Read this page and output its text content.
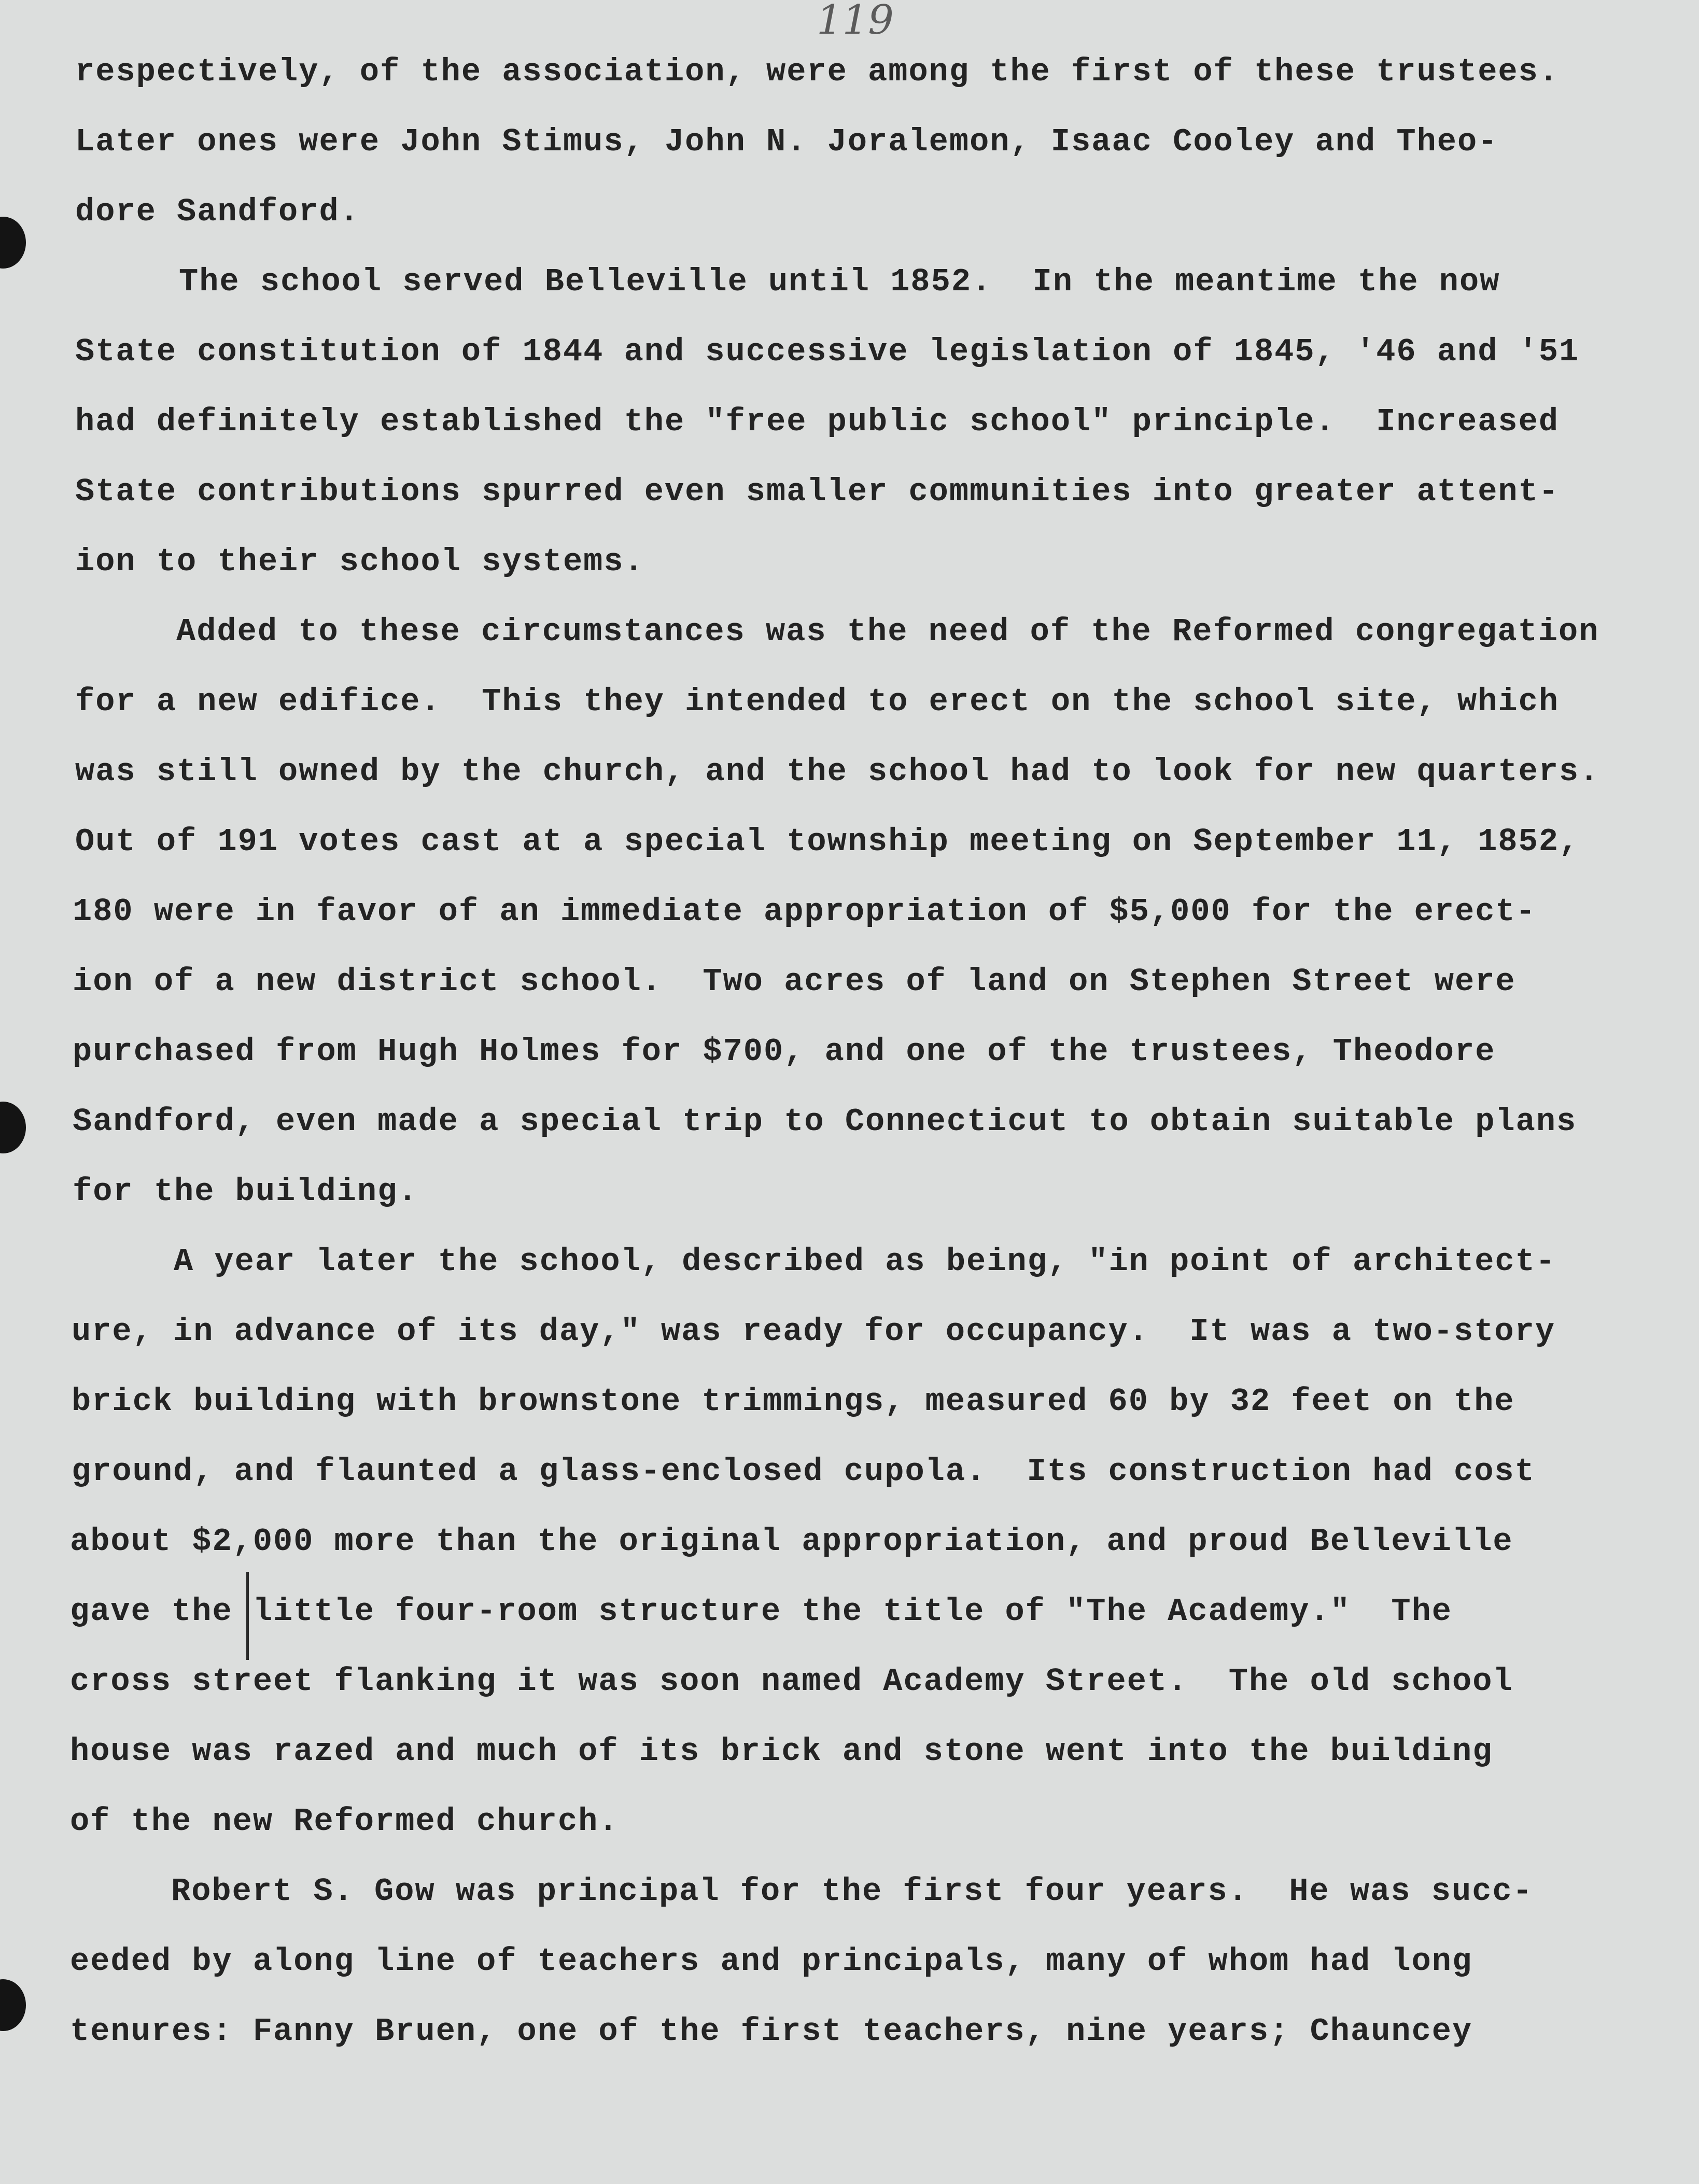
119
respectively, of the association, were among the first of these trustees.
Later ones were John Stimus, John N. Joralemon, Isaac Cooley and Theo-
dore Sandford.
The school served Belleville until 1852.  In the meantime the now
State constitution of 1844 and successive legislation of 1845, '46 and '51
had definitely established the "free public school" principle.  Increased
State contributions spurred even smaller communities into greater attent-
ion to their school systems.
Added to these circumstances was the need of the Reformed congregation
for a new edifice.  This they intended to erect on the school site, which
was still owned by the church, and the school had to look for new quarters.
Out of 191 votes cast at a special township meeting on September 11, 1852,
180 were in favor of an immediate appropriation of $5,000 for the erect-
ion of a new district school.  Two acres of land on Stephen Street were
purchased from Hugh Holmes for $700, and one of the trustees, Theodore
Sandford, even made a special trip to Connecticut to obtain suitable plans
for the building.
A year later the school, described as being, "in point of architect-
ure, in advance of its day," was ready for occupancy.  It was a two-story
brick building with brownstone trimmings, measured 60 by 32 feet on the
ground, and flaunted a glass-enclosed cupola.  Its construction had cost
about $2,000 more than the original appropriation, and proud Belleville
gave the little four-room structure the title of "The Academy."  The
cross street flanking it was soon named Academy Street.  The old school
house was razed and much of its brick and stone went into the building
of the new Reformed church.
Robert S. Gow was principal for the first four years.  He was succ-
eeded by along line of teachers and principals, many of whom had long
tenures: Fanny Bruen, one of the first teachers, nine years; Chauncey
